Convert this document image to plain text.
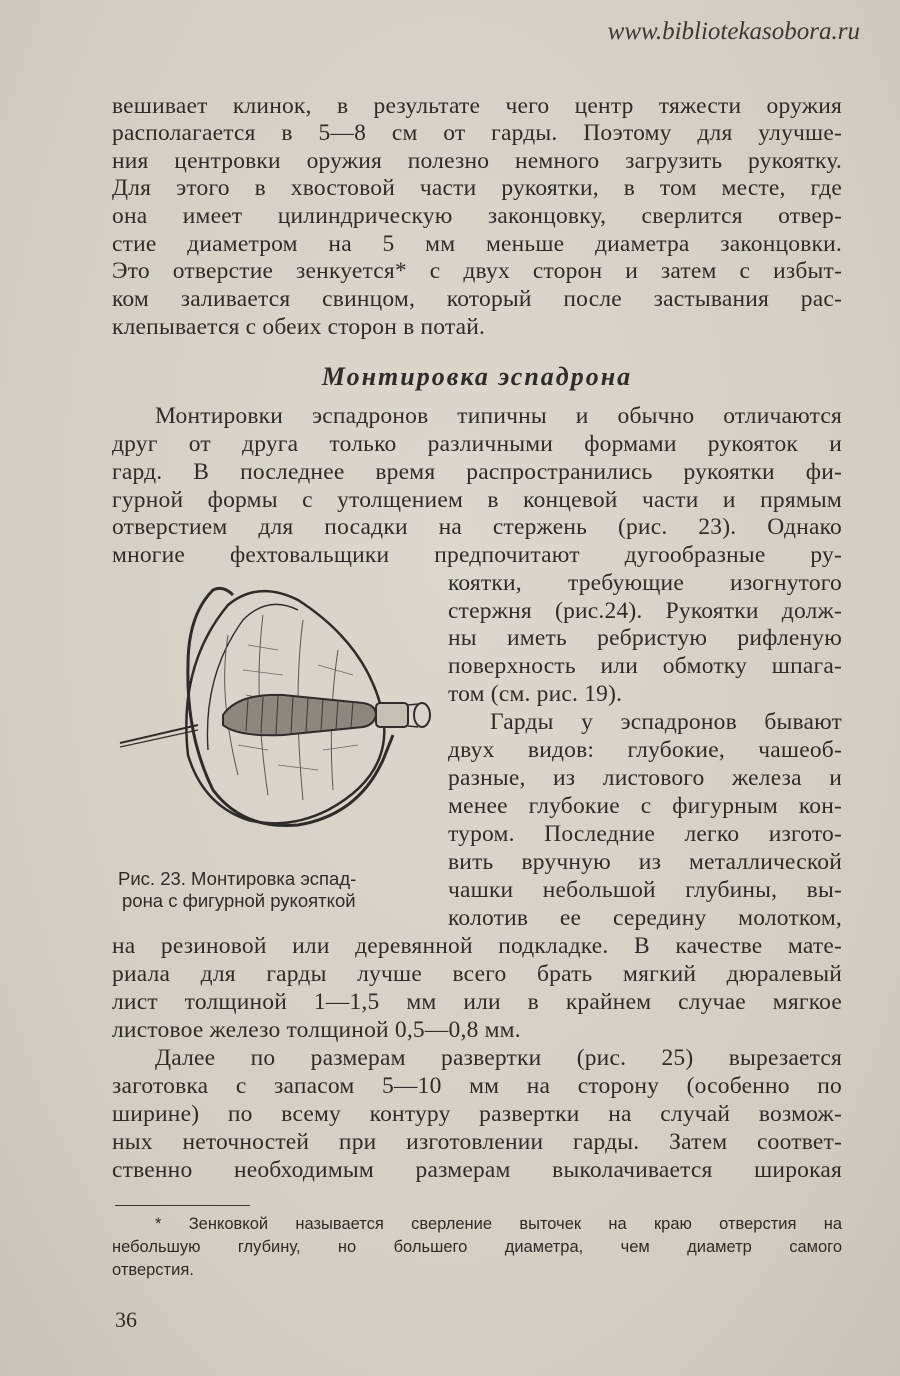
www.bibliotekasobora.ru
вешивает клинок, в результате чего центр тяжести оружия
располагается в 5—8 см от гарды. Поэтому для улучше-
ния центровки оружия полезно немного загрузить рукоятку.
Для этого в хвостовой части рукоятки, в том месте, где
она имеет цилиндрическую законцовку, сверлится отвер-
стие диаметром на 5 мм меньше диаметра законцовки.
Это отверстие зенкуется* с двух сторон и затем с избыт-
ком заливается свинцом, который после застывания рас-
клепывается с обеих сторон в потай.
Монтировка эспадрона
Монтировки эспадронов типичны и обычно отличаются
друг от друга только различными формами рукояток и
гард. В последнее время распространились рукоятки фи-
гурной формы с утолщением в концевой части и прямым
отверстием для посадки на стержень (рис. 23). Однако
многие фехтовальщики предпочитают дугообразные ру-
коятки, требующие изогнутого
стержня (рис.24). Рукоятки долж-
ны иметь ребристую рифленую
поверхность или обмотку шпага-
том (см. рис. 19).
Гарды у эспадронов бывают
двух видов: глубокие, чашеоб-
разные, из листового железа и
менее глубокие с фигурным кон-
туром. Последние легко изгото-
вить вручную из металлической
чашки небольшой глубины, вы-
колотив ее середину молотком,
Рис. 23. Монтировка эспад-
рона с фигурной рукояткой
на резиновой или деревянной подкладке. В качестве мате-
риала для гарды лучше всего брать мягкий дюралевый
лист толщиной 1—1,5 мм или в крайнем случае мягкое
листовое железо толщиной 0,5—0,8 мм.
Далее по размерам развертки (рис. 25) вырезается
заготовка с запасом 5—10 мм на сторону (особенно по
ширине) по всему контуру развертки на случай возмож-
ных неточностей при изготовлении гарды. Затем соответ-
ственно необходимым размерам выколачивается широкая
* Зенковкой называется сверление выточек на краю отверстия на
небольшую глубину, но большего диаметра, чем диаметр самого
отверстия.
36
